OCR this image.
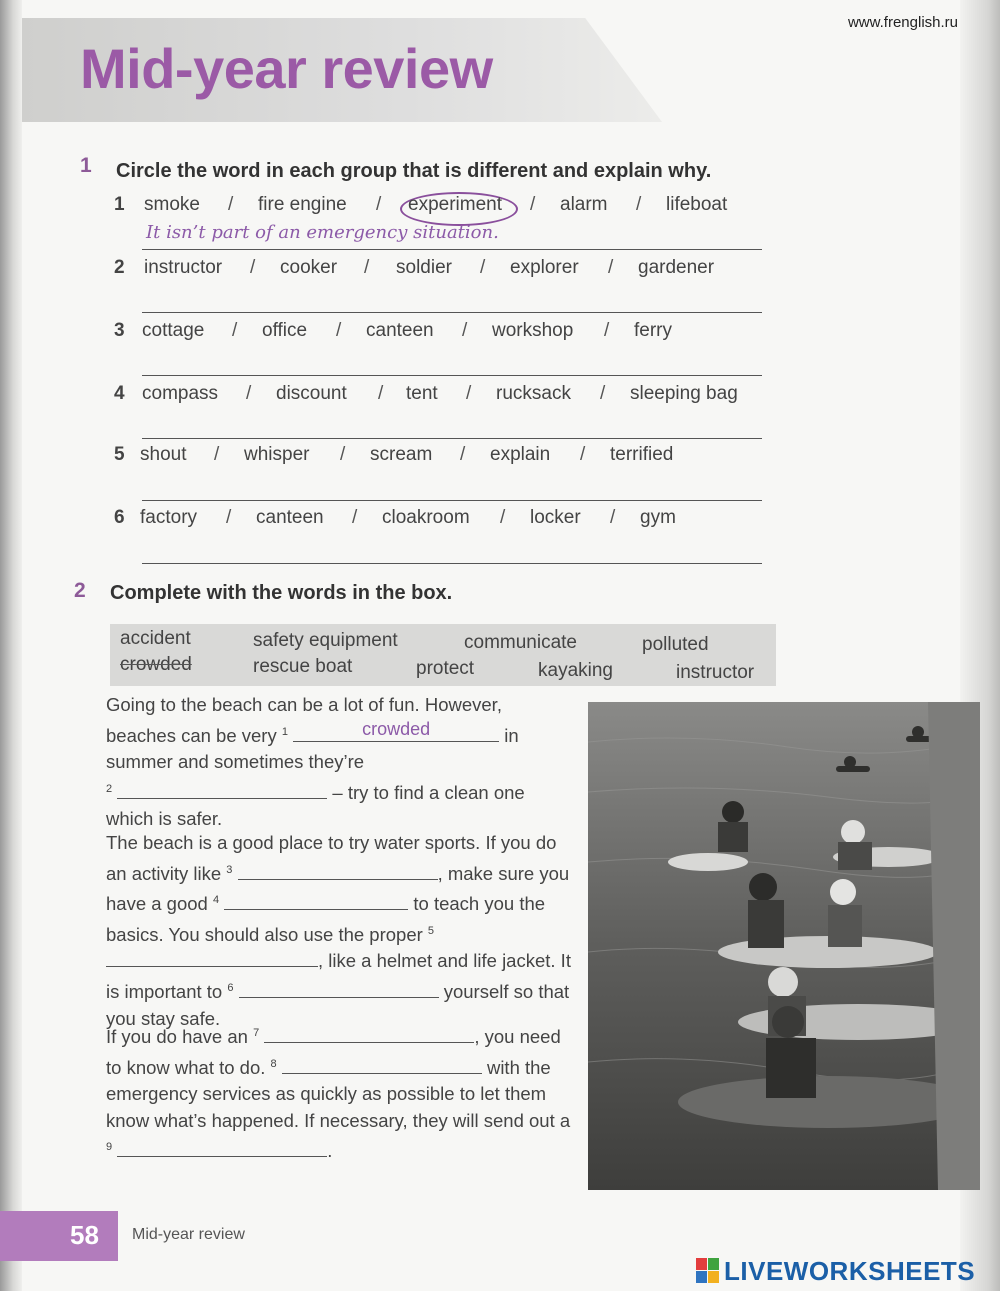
www.frenglish.ru
Mid-year review
1 Circle the word in each group that is different and explain why.
1 smoke / fire engine / experiment / alarm / lifeboat
It isn’t part of an emergency situation.
2 instructor / cooker / soldier / explorer / gardener
3 cottage / office / canteen / workshop / ferry
4 compass / discount / tent / rucksack / sleeping bag
5 shout / whisper / scream / explain / terrified
6 factory / canteen / cloakroom / locker / gym
2 Complete with the words in the box.
accident	safety equipment	communicate	polluted
crowded	rescue boat	protect	kayaking	instructor
Going to the beach can be a lot of fun. However, beaches can be very $^1$	crowded	in summer and sometimes they’re
$^2$	– try to find a clean one which is safer.
The beach is a good place to try water sports. If you do an activity like $^3$	, make sure you have a good $^4$	to teach you the basics. You should also use the proper $^5$ , like a helmet and life jacket. It is important to $^6$	yourself so that you stay safe.
If you do have an $^7$	, you need to know what to do. $^8$	with the emergency services as quickly as possible to let them know what’s happened. If necessary, they will send out a $^9$	.
58 Mid-year review
LIVEWORKSHEETS
